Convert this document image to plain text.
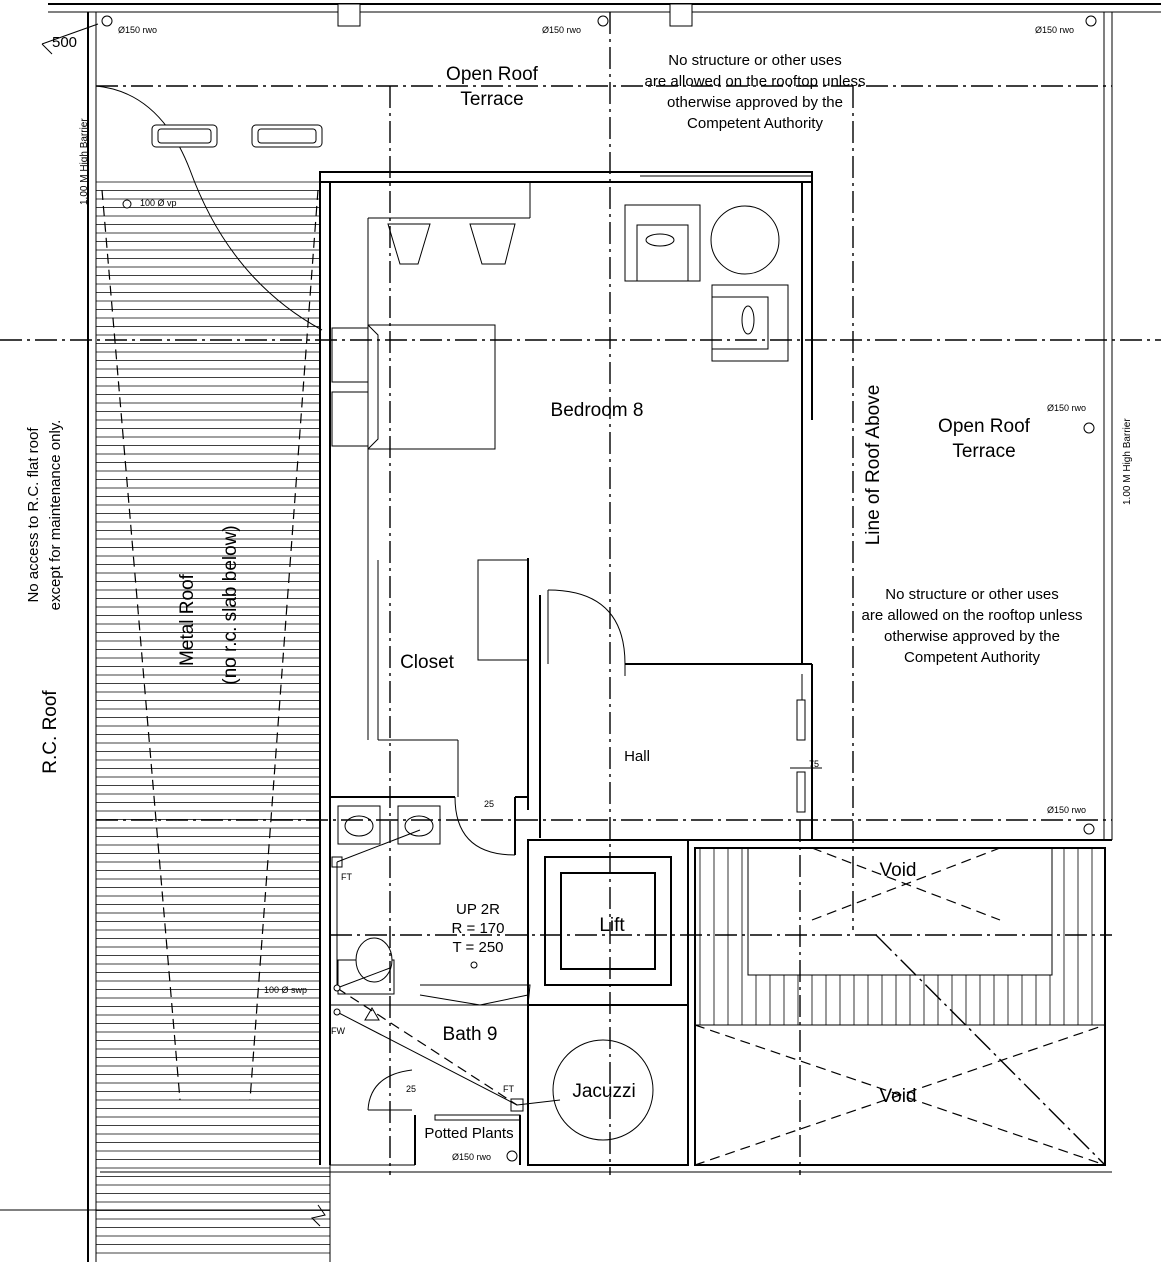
500
Ø150 rwo	Ø150 rwo	Ø150 rwo
Ø150 rwo
Ø150 rwo
Ø150 rwo
100 Ø vp
100 Ø swp
1.00 M High Barrier
1.00 M High Barrier
Open Roof
Terrace
Open Roof
Terrace
No structure or other uses
are allowed on the rooftop unless
otherwise approved by the
Competent Authority
No structure or other uses
are allowed on the rooftop unless
otherwise approved by the
Competent Authority
No access to R.C. flat roof except for maintenance only.
R.C. Roof
Metal Roof (no r.c. slab below)
Bedroom 8
Closet
Hall
Line of Roof Above
25
25
75
FT
FT
FW
UP 2R
R = 170
T = 250
Lift
Bath 9
Jacuzzi
Potted Plants
Void
Void
